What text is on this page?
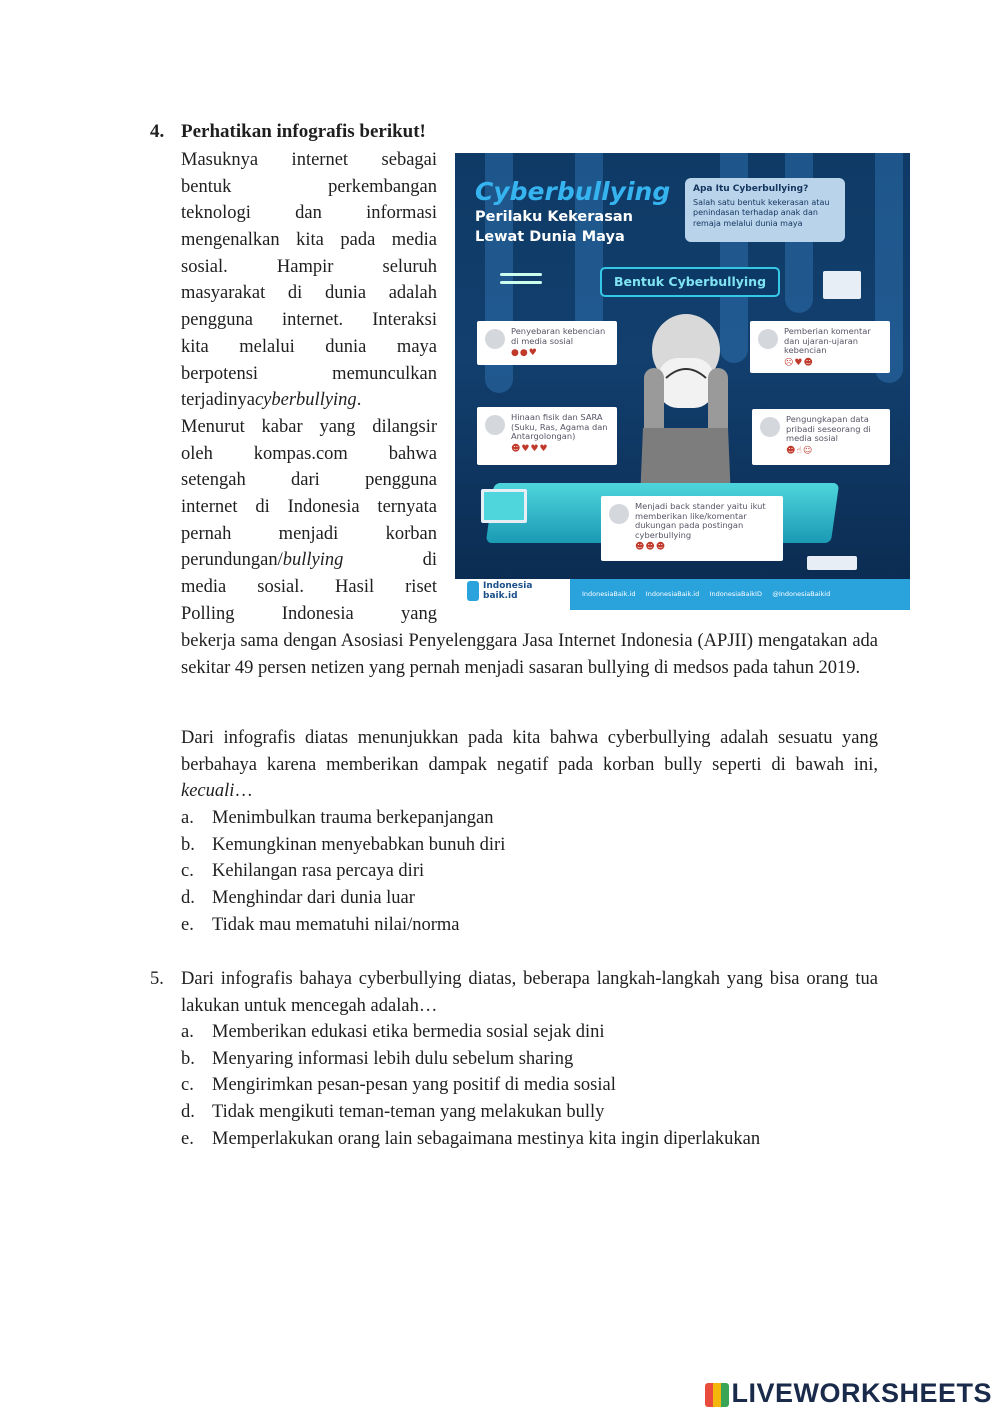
4. Perhatikan infografis berikut!
Masuknya internet sebagai
bentuk perkembangan
teknologi dan informasi
mengenalkan kita pada media
sosial. Hampir seluruh
masyarakat di dunia adalah
pengguna internet. Interaksi
kita melalui dunia maya
berpotensi memunculkan
terjadinyacyberbullying.
Menurut kabar yang dilangsir
oleh kompas.com bahwa
setengah dari pengguna
internet di Indonesia ternyata
pernah menjadi korban
perundungan/bullying di
media sosial. Hasil riset
Polling Indonesia yang
bekerja sama dengan Asosiasi Penyelenggara Jasa Internet Indonesia (APJII) mengatakan ada sekitar 49 persen netizen yang pernah menjadi sasaran bullying di medsos pada tahun 2019.
Dari infografis diatas menunjukkan pada kita bahwa cyberbullying adalah sesuatu yang berbahaya karena memberikan dampak negatif pada korban bully seperti di bawah ini, kecuali…
a. Menimbulkan trauma berkepanjangan
b. Kemungkinan menyebabkan bunuh diri
c. Kehilangan rasa percaya diri
d. Menghindar dari dunia luar
e. Tidak mau mematuhi nilai/norma
Cyberbullying
Perilaku Kekerasan
Lewat Dunia Maya
Apa Itu Cyberbullying?
Salah satu bentuk kekerasan atau penindasan terhadap anak dan remaja melalui dunia maya
Bentuk Cyberbullying
Penyebaran kebencian di media sosial
●●♥
Pemberian komentar dan ujaran-ujaran kebencian
☹♥☻
Hinaan fisik dan SARA (Suku, Ras, Agama dan Antargolongan)
☻♥♥♥
Pengungkapan data pribadi seseorang di media sosial
☻☝☺
Menjadi back stander yaitu ikut memberikan like/komentar dukungan pada postingan cyberbullying
☻☻☻
IndonesiaBaik.id IndonesiaBaik.id IndonesiaBaikID @IndonesiaBaikid
Indonesia
baik.id
5. Dari infografis bahaya cyberbullying diatas, beberapa langkah-langkah yang bisa orang tua lakukan untuk mencegah adalah…
a. Memberikan edukasi etika bermedia sosial sejak dini
b. Menyaring informasi lebih dulu sebelum sharing
c. Mengirimkan pesan-pesan yang positif di media sosial
d. Tidak mengikuti teman-teman yang melakukan bully
e. Memperlakukan orang lain sebagaimana mestinya kita ingin diperlakukan
LIVEWORKSHEETS
